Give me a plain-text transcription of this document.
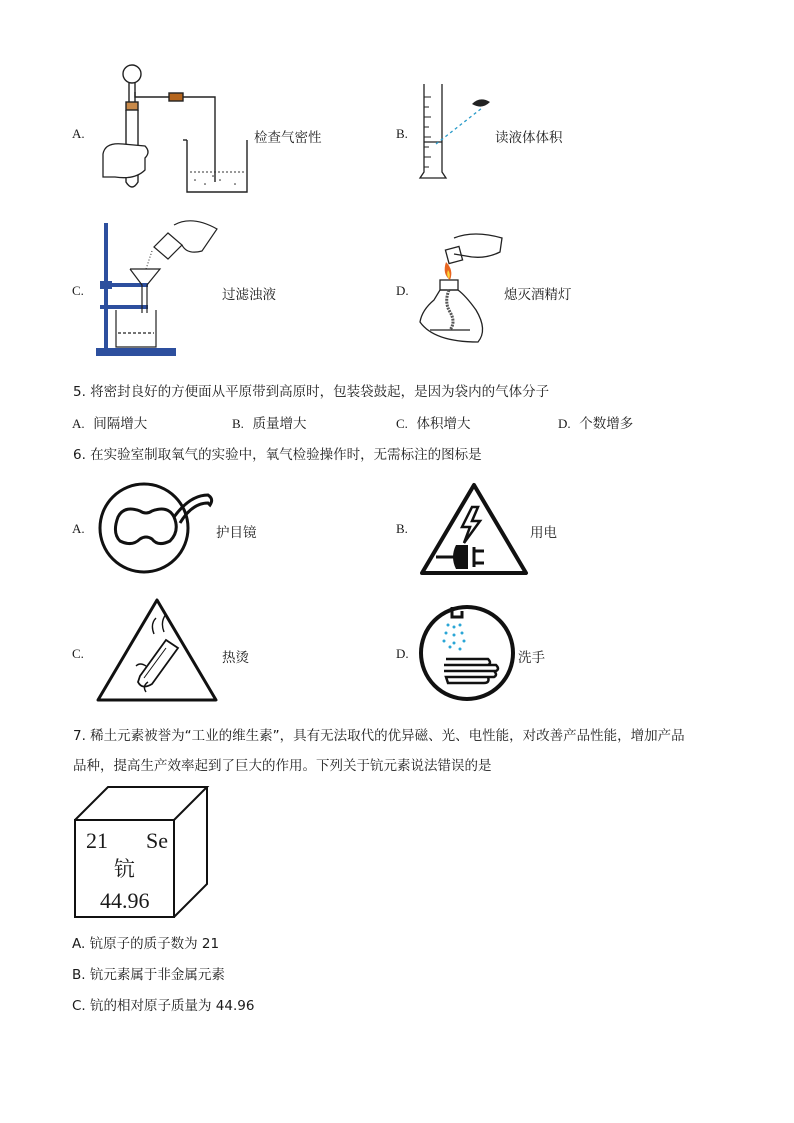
A.	检查气密性	B.	读液体体积
C.	过滤浊液	D.	熄灭酒精灯
5. 将密封良好的方便面从平原带到高原时，包装袋鼓起，是因为袋内的气体分子
A. 间隔增大	B. 质量增大	C. 体积增大	D. 个数增多
6. 在实验室制取氧气的实验中，氧气检验操作时，无需标注的图标是
A.	护目镜	B.	用电
C.	热烫	D.	洗手
7. 稀土元素被誉为“工业的维生素”，具有无法取代的优异磁、光、电性能，对改善产品性能，增加产品
品种，提高生产效率起到了巨大的作用。下列关于钪元素说法错误的是
21 Se
钪
44.96
A. 钪原子的质子数为 21
B. 钪元素属于非金属元素
C. 钪的相对原子质量为 44.96
